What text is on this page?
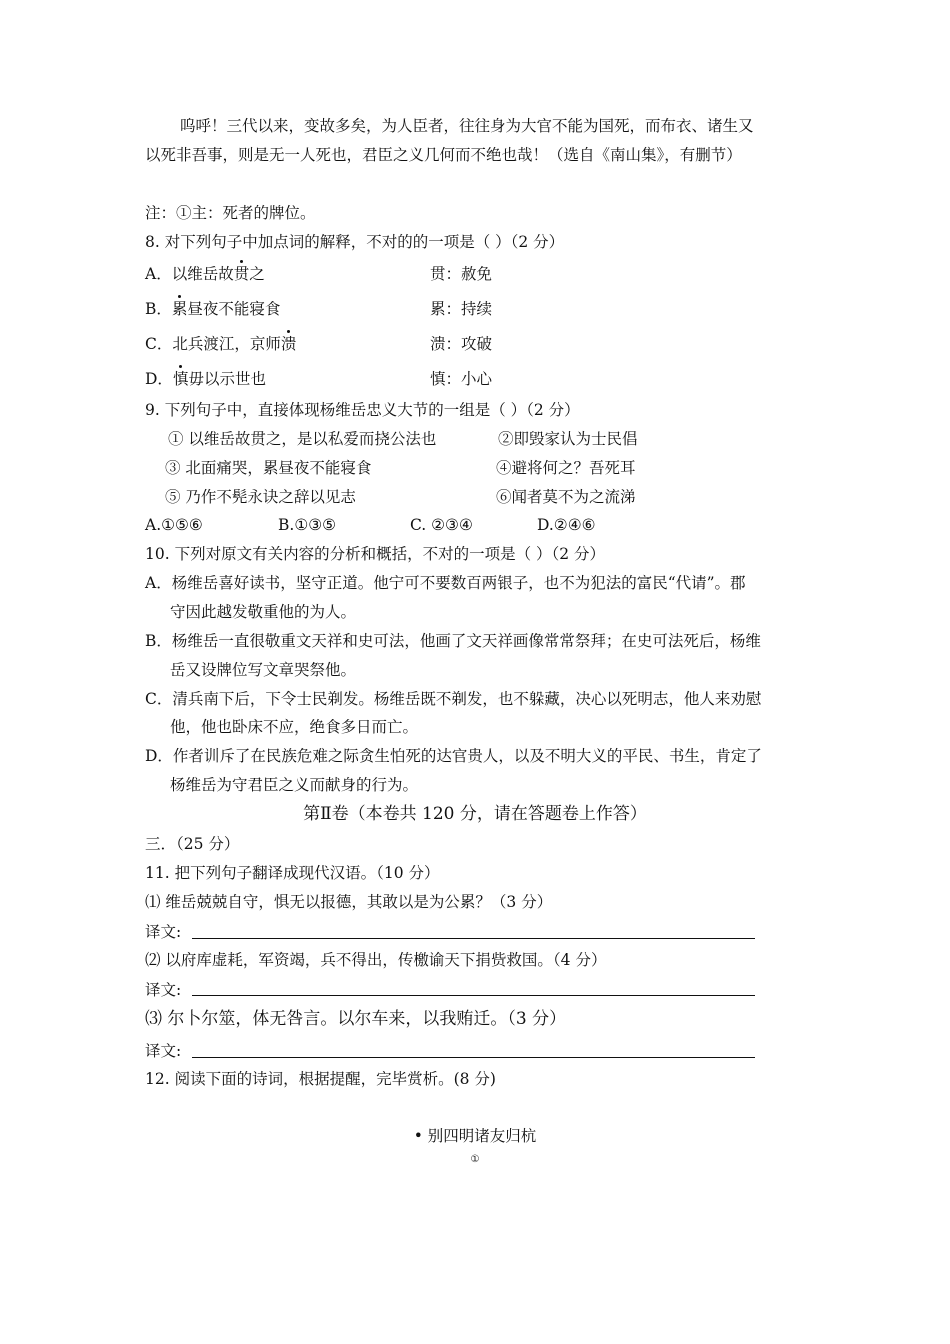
呜呼！三代以来，变故多矣，为人臣者，往往身为大官不能为国死，而布衣、诸生又
以死非吾事，则是无一人死也，君臣之义几何而不绝也哉！（选自《南山集》，有删节）
注：①主：死者的牌位。
8. 对下列句子中加点词的解释，不对的的一项是（ ）（2 分）
A．以维岳故贯之	贯：赦免
B．累昼夜不能寝食	累：持续
C．北兵渡江，京师溃	溃：攻破
D．慎毋以示世也	慎：小心
9. 下列句子中，直接体现杨维岳忠义大节的一组是（ ）（2 分）
① 以维岳故贯之，是以私爱而挠公法也	②即毁家认为士民倡
③ 北面痛哭，累昼夜不能寝食	④避将何之？吾死耳
⑤ 乃作不髡永诀之辞以见志	⑥闻者莫不为之流涕
A.①⑤⑥	B.①③⑤	C. ②③④	D.②④⑥
10. 下列对原文有关内容的分析和概括，不对的一项是（ ）（2 分）
A．杨维岳喜好读书，坚守正道。他宁可不要数百两银子，也不为犯法的富民“代请”。郡
守因此越发敬重他的为人。
B．杨维岳一直很敬重文天祥和史可法，他画了文天祥画像常常祭拜；在史可法死后，杨维
岳又设牌位写文章哭祭他。
C．清兵南下后，下令士民剃发。杨维岳既不剃发，也不躲藏，决心以死明志，他人来劝慰
他，他也卧床不应，绝食多日而亡。
D．作者训斥了在民族危难之际贪生怕死的达官贵人，以及不明大义的平民、书生，肯定了
杨维岳为守君臣之义而献身的行为。
第Ⅱ卷（本卷共 120 分，请在答题卷上作答）
三．（25 分）
11. 把下列句子翻译成现代汉语。（10 分）
⑴ 维岳兢兢自守，惧无以报德，其敢以是为公累？（3 分）
译文:
⑵ 以府库虚耗，军资竭，兵不得出，传檄谕天下捐赀救国。（4 分）
译文:
⑶ 尔卜尔筮，体无咎言。以尔车来，以我贿迁。（3 分）
译文:
12. 阅读下面的诗词，根据提醒，完毕赏析。(8 分)
• 别四明诸友归杭
①
